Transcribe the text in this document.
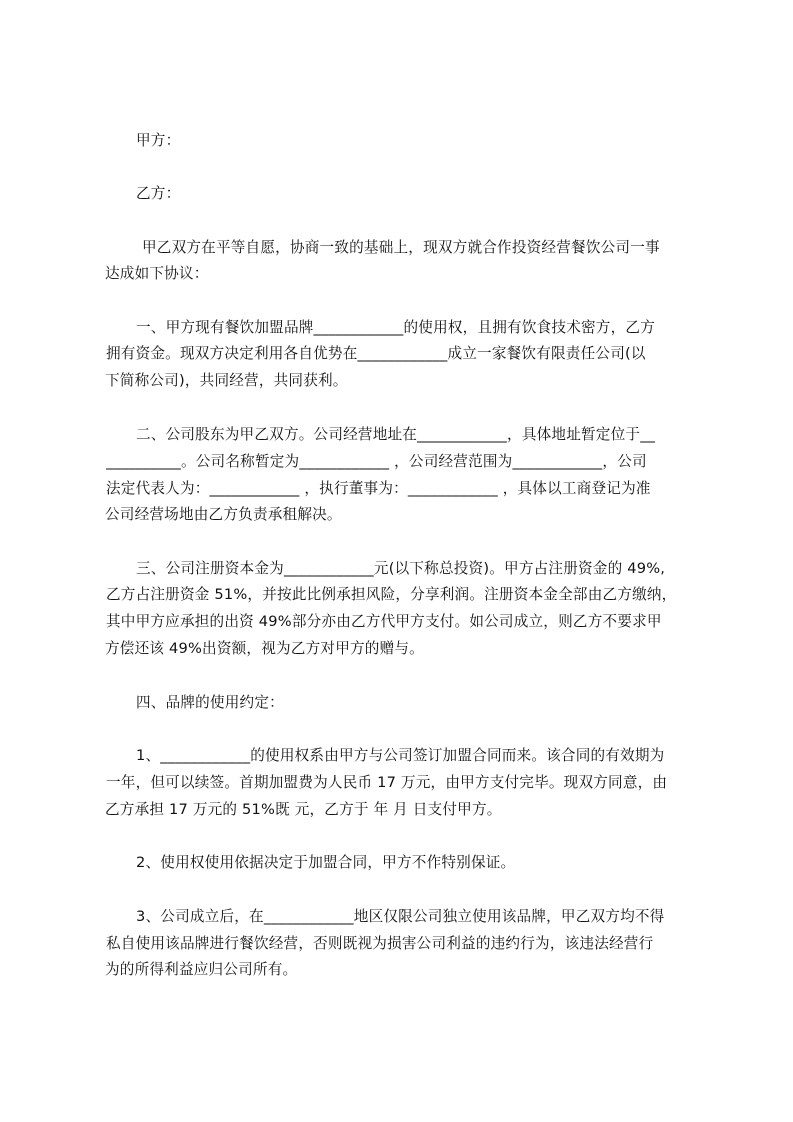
甲方：
乙方：
甲乙双方在平等自愿，协商一致的基础上，现双方就合作投资经营餐饮公司一事
达成如下协议：
一、甲方现有餐饮加盟品牌____________的使用权，且拥有饮食技术密方，乙方
拥有资金。现双方决定利用各自优势在____________成立一家餐饮有限责任公司(以
下简称公司)，共同经营，共同获利。
二、公司股东为甲乙双方。公司经营地址在____________，具体地址暂定位于__
__________。公司名称暂定为____________ ，公司经营范围为____________，公司
法定代表人为：____________ ，执行董事为：____________ ，具体以工商登记为准
公司经营场地由乙方负责承租解决。
三、公司注册资本金为____________元(以下称总投资)。甲方占注册资金的 49%,
乙方占注册资金 51%，并按此比例承担风险，分享利润。注册资本金全部由乙方缴纳，
其中甲方应承担的出资 49%部分亦由乙方代甲方支付。如公司成立，则乙方不要求甲
方偿还该 49%出资额，视为乙方对甲方的赠与。
四、品牌的使用约定：
1、____________的使用权系由甲方与公司签订加盟合同而来。该合同的有效期为
一年，但可以续签。首期加盟费为人民币 17 万元，由甲方支付完毕。现双方同意，由
乙方承担 17 万元的 51%既 元，乙方于 年 月 日支付甲方。
2、使用权使用依据决定于加盟合同，甲方不作特别保证。
3、公司成立后，在____________地区仅限公司独立使用该品牌，甲乙双方均不得
私自使用该品牌进行餐饮经营，否则既视为损害公司利益的违约行为，该违法经营行
为的所得利益应归公司所有。
